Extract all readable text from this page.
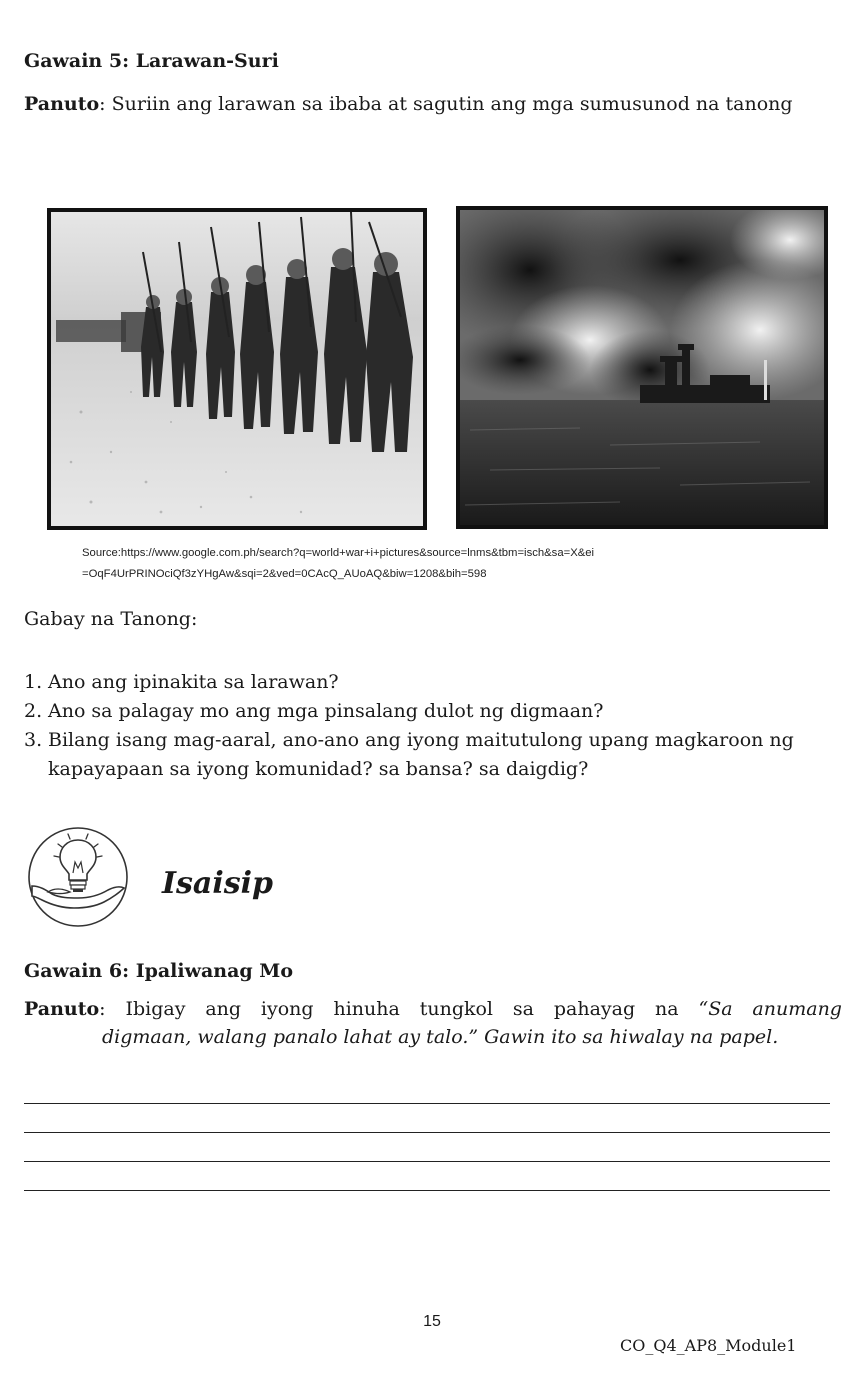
Gawain 5: Larawan-Suri
Panuto: Suriin ang larawan sa ibaba at sagutin ang mga sumusunod na tanong
Source:https://www.google.com.ph/search?q=world+war+i+pictures&source=lnms&tbm=isch&sa=X&ei
=OqF4UrPRINOciQf3zYHgAw&sqi=2&ved=0CAcQ_AUoAQ&biw=1208&bih=598
Gabay na Tanong:
1. Ano ang ipinakita sa larawan?
2. Ano sa palagay mo ang mga pinsalang dulot ng digmaan?
3. Bilang isang mag-aaral, ano-ano ang iyong maitutulong upang magkaroon ng kapayapaan sa iyong komunidad? sa bansa? sa daigdig?
Isaisip
Gawain 6: Ipaliwanag Mo
Panuto: Ibigay ang iyong hinuha tungkol sa pahayag na “Sa anumang
digmaan, walang panalo lahat ay talo.” Gawin ito sa hiwalay na papel.
15
CO_Q4_AP8_Module1
